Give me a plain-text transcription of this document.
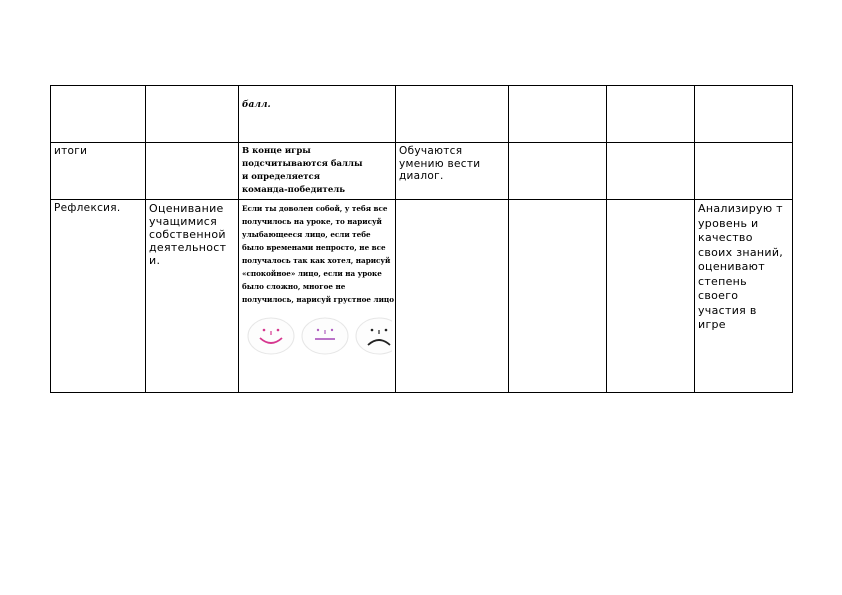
		балл.				

итоги		В конце игры подсчитываются баллы и определяется команда-победитель	Обучаются умению вести диалог.			

Рефлексия.	Оценивание учащимися собственной деятельност и.	Если ты доволен собой, у тебя все получилось на уроке, то нарисуй улыбающееся лицо, если тебе было временами непросто, не все получалось так как хотел, нарисуй «спокойное» лицо, если на уроке было сложно, многое не получилось, нарисуй грустное лицо				Анализирую т уровень и качество своих знаний, оценивают степень своего участия в игре
